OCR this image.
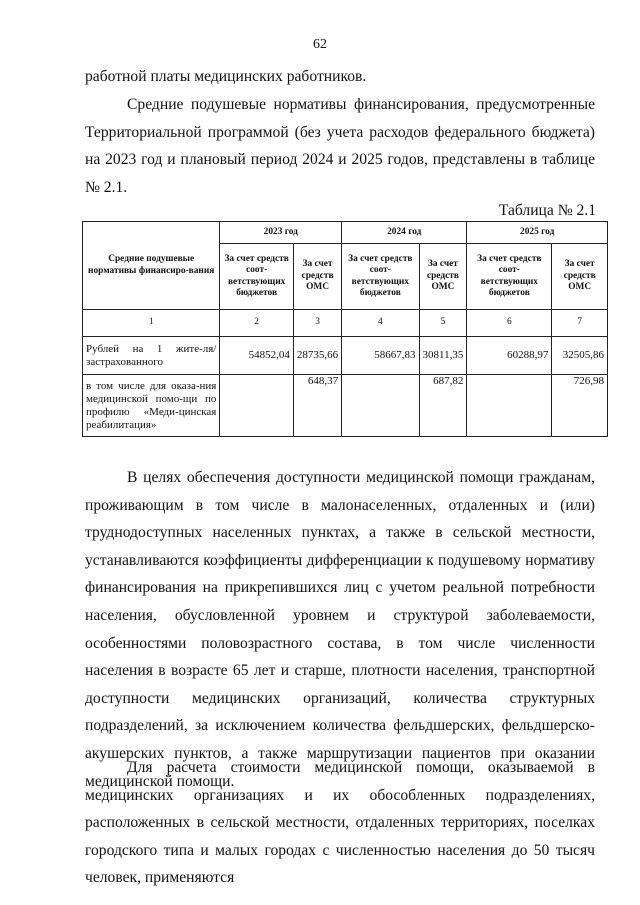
62

работной платы медицинских работников.

Средние подушевые нормативы финансирования, предусмотренные Территориальной программой (без учета расходов федерального бюджета) на 2023 год и плановый период 2024 и 2025 годов, представлены в таблице № 2.1.

Таблица № 2.1
Средние подушевые нормативы финансиро-вания	2023 год		2024 год		2025 год	
	За счет средств соот-ветствующих бюджетов	За счет средств ОМС	За счет средств соот-ветствующих бюджетов	За счет средств ОМС	За счет средств соот-ветствующих бюджетов	За счет средств ОМС
1	2	3	4	5	6	7
Рублей на 1 жите-ля/застрахованного	54852,04	28735,66	58667,83	30811,35	60288,97	32505,86
в том числе для оказа-ния медицинской помо-щи по профилю «Меди-цинская реабилитация»		648,37		687,82		726,98

В целях обеспечения доступности медицинской помощи гражданам, проживающим в том числе в малонаселенных, отдаленных и (или) труднодоступных населенных пунктах, а также в сельской местности, устанавливаются коэффициенты дифференциации к подушевому нормативу финансирования на прикрепившихся лиц с учетом реальной потребности населения, обусловленной уровнем и структурой заболеваемости, особенностями половозрастного состава, в том числе численности населения в возрасте 65 лет и старше, плотности населения, транспортной доступности медицинских организаций, количества структурных подразделений, за исключением количества фельдшерских, фельдшерско-акушерских пунктов, а также маршрутизации пациентов при оказании медицинской помощи.

Для расчета стоимости медицинской помощи, оказываемой в медицинских организациях и их обособленных подразделениях, расположенных в сельской местности, отдаленных территориях, поселках городского типа и малых городах с численностью населения до 50 тысяч человек, применяются
